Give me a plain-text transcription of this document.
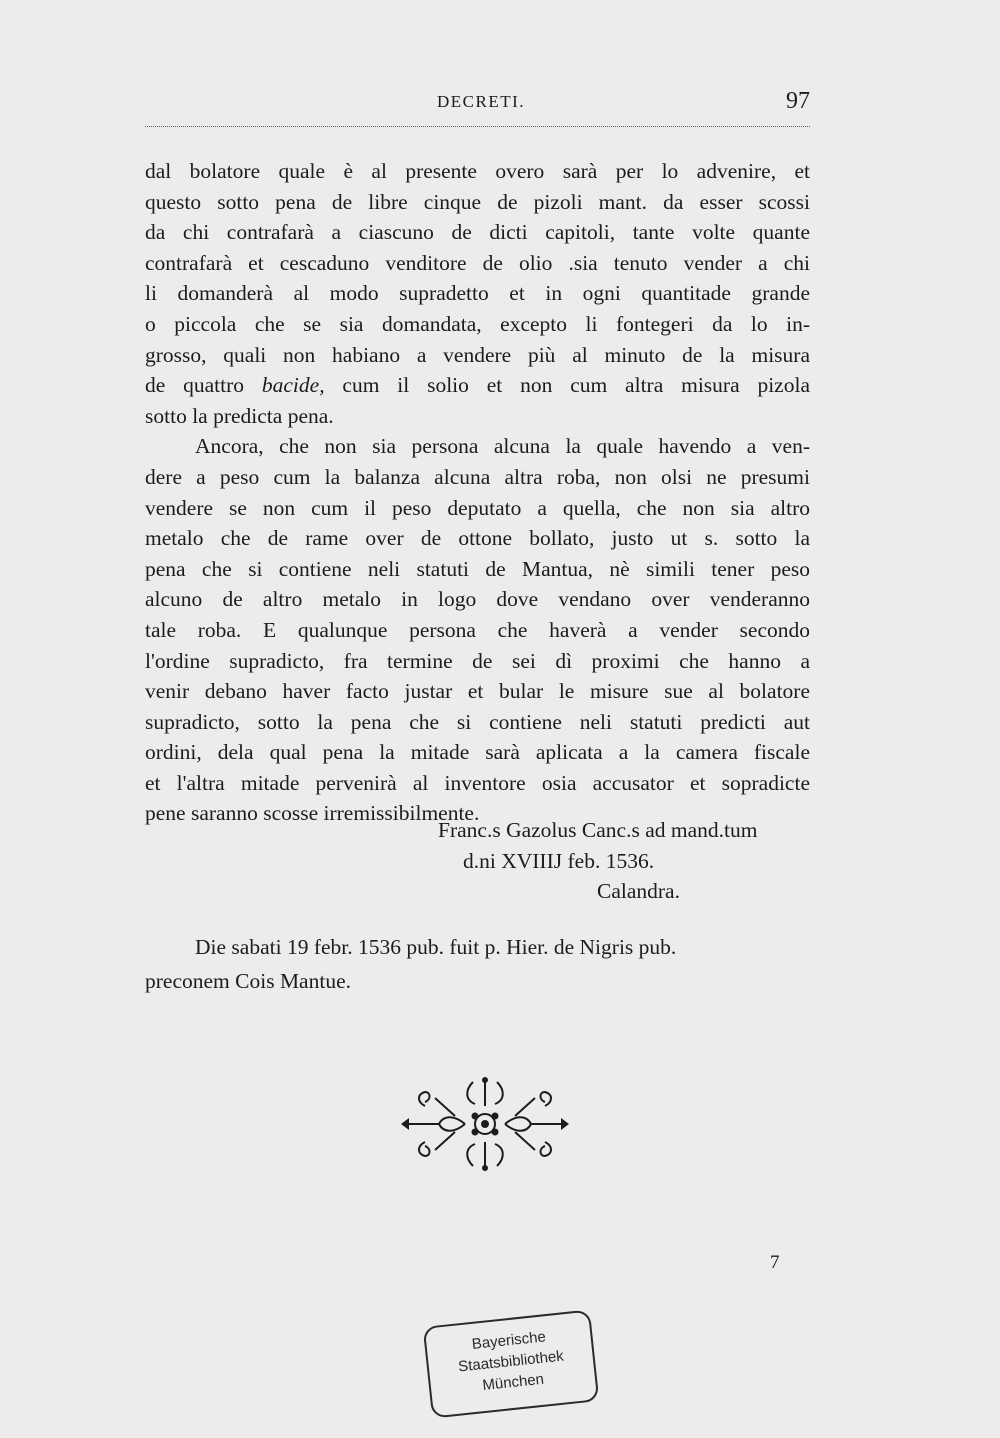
DECRETI.	97

dal bolatore quale è al presente overo sarà per lo advenire, et
questo sotto pena de libre cinque de pizoli mant. da esser scossi
da chi contrafarà a ciascuno de dicti capitoli, tante volte quante
contrafarà et cescaduno venditore de olio .sia tenuto vender a chi
li domanderà al modo supradetto et in ogni quantitade grande
o piccola che se sia domandata, excepto li fontegeri da lo in-
grosso, quali non habiano a vendere più al minuto de la misura
de quattro bacide, cum il solio et non cum altra misura pizola
sotto la predicta pena.

Ancora, che non sia persona alcuna la quale havendo a ven-
dere a peso cum la balanza alcuna altra roba, non olsi ne presumi
vendere se non cum il peso deputato a quella, che non sia altro
metalo che de rame over de ottone bollato, justo ut s. sotto la
pena che si contiene neli statuti de Mantua, nè simili tener peso
alcuno de altro metalo in logo dove vendano over venderanno
tale roba. E qualunque persona che haverà a vender secondo
l'ordine supradicto, fra termine de sei dì proximi che hanno a
venir debano haver facto justar et bular le misure sue al bolatore
supradicto, sotto la pena che si contiene neli statuti predicti aut
ordini, dela qual pena la mitade sarà aplicata a la camera fiscale
et l'altra mitade pervenirà al inventore osia accusator et sopradicte
pene saranno scosse irremissibilmente.

Franc.s Gazolus Canc.s ad mand.tum
d.ni XVIIIJ feb. 1536.
Calandra.
Die sabati 19 febr. 1536 pub. fuit p. Hier. de Nigris pub.
preconem Cois Mantue.
7
Bayerische
Staatsbibliothek
München
